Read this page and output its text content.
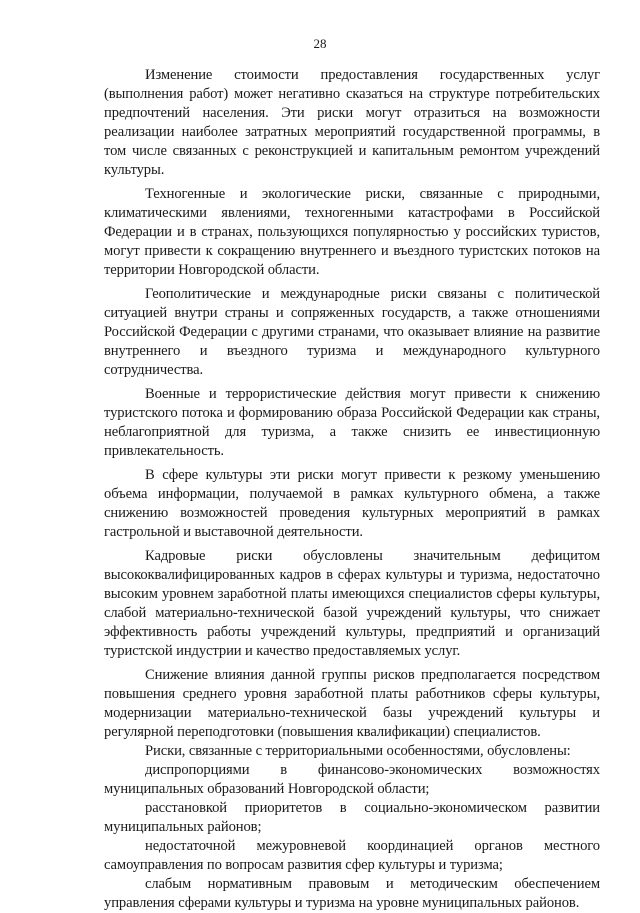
28

Изменение стоимости предоставления государственных услуг (выполнения работ) может негативно сказаться на структуре потребительских предпочтений населения. Эти риски могут отразиться на возможности реализации наиболее затратных мероприятий государственной программы, в том числе связанных с реконструкцией и капитальным ремонтом учреждений культуры.

Техногенные и экологические риски, связанные с природными, климатическими явлениями, техногенными катастрофами в Российской Федерации и в странах, пользующихся популярностью у российских туристов, могут привести к сокращению внутреннего и въездного туристских потоков на территории Новгородской области.

Геополитические и международные риски связаны с политической ситуацией внутри страны и сопряженных государств, а также отношениями Российской Федерации с другими странами, что оказывает влияние на развитие внутреннего и въездного туризма и международного культурного сотрудничества.

Военные и террористические действия могут привести к снижению туристского потока и формированию образа Российской Федерации как страны, неблагоприятной для туризма, а также снизить ее инвестиционную привлекательность.

В сфере культуры эти риски могут привести к резкому уменьшению объема информации, получаемой в рамках культурного обмена, а также снижению возможностей проведения культурных мероприятий в рамках гастрольной и выставочной деятельности.

Кадровые риски обусловлены значительным дефицитом высококвалифицированных кадров в сферах культуры и туризма, недостаточно высоким уровнем заработной платы имеющихся специалистов сферы культуры, слабой материально-технической базой учреждений культуры, что снижает эффективность работы учреждений культуры, предприятий и организаций туристской индустрии и качество предоставляемых услуг.

Снижение влияния данной группы рисков предполагается посредством повышения среднего уровня заработной платы работников сферы культуры, модернизации материально-технической базы учреждений культуры и регулярной переподготовки (повышения квалификации) специалистов.

Риски, связанные с территориальными особенностями, обусловлены:

диспропорциями в финансово-экономических возможностях муниципальных образований Новгородской области;

расстановкой приоритетов в социально-экономическом развитии муниципальных районов;

недостаточной межуровневой координацией органов местного самоуправления по вопросам развития сфер культуры и туризма;

слабым нормативным правовым и методическим обеспечением управления сферами культуры и туризма на уровне муниципальных районов.
